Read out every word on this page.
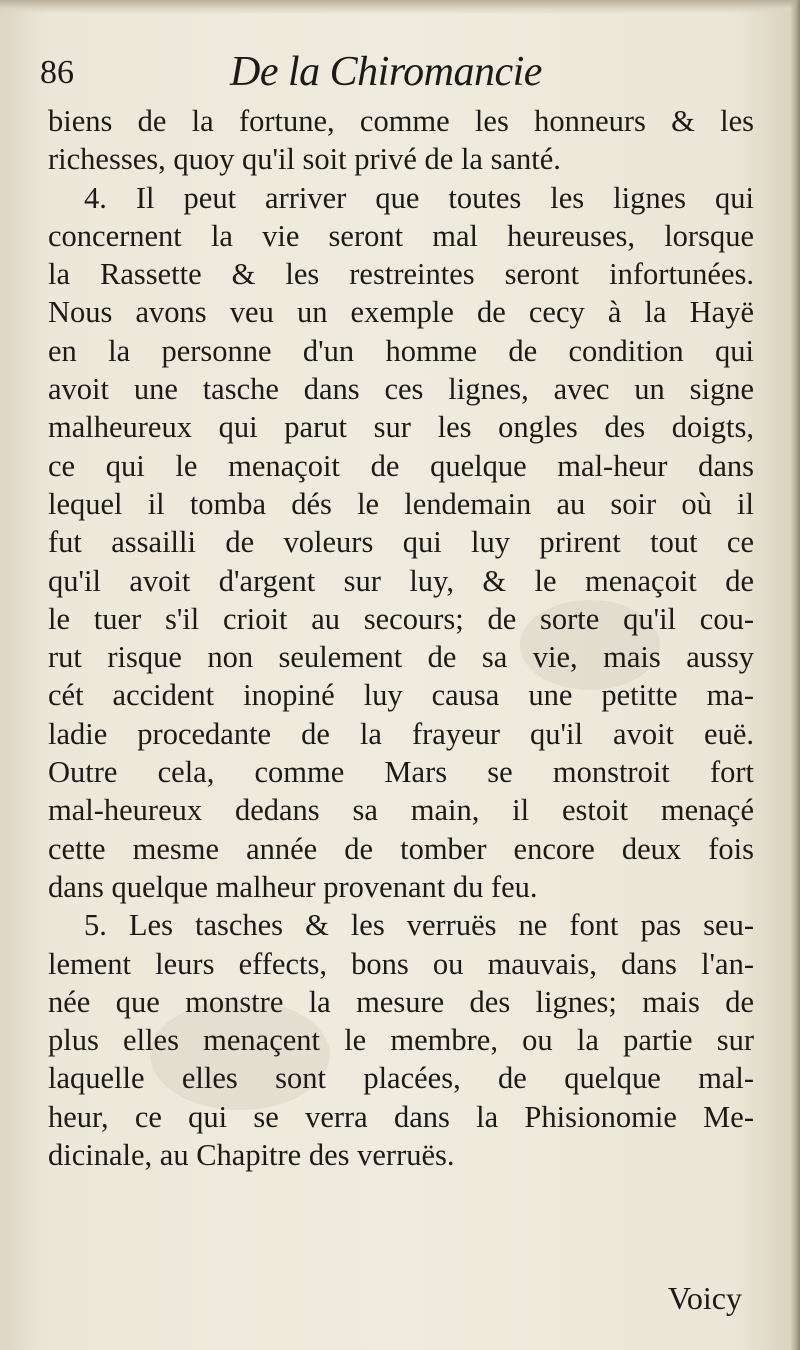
86	De la Chiromancie
biens de la fortune, comme les honneurs & les
richesses, quoy qu'il soit privé de la santé.
4. Il peut arriver que toutes les lignes qui
concernent la vie seront mal heureuses, lorsque
la Rassette & les restreintes seront infortunées.
Nous avons veu un exemple de cecy à la Hayë
en la personne d'un homme de condition qui
avoit une tasche dans ces lignes, avec un signe
malheureux qui parut sur les ongles des doigts,
ce qui le menaçoit de quelque mal-heur dans
lequel il tomba dés le lendemain au soir où il
fut assailli de voleurs qui luy prirent tout ce
qu'il avoit d'argent sur luy, & le menaçoit de
le tuer s'il crioit au secours; de sorte qu'il cou-
rut risque non seulement de sa vie, mais aussy
cét accident inopiné luy causa une petitte ma-
ladie procedante de la frayeur qu'il avoit euë.
Outre cela, comme Mars se monstroit fort
mal-heureux dedans sa main, il estoit menaçé
cette mesme année de tomber encore deux fois
dans quelque malheur provenant du feu.
5. Les tasches & les verruës ne font pas seu-
lement leurs effects, bons ou mauvais, dans l'an-
née que monstre la mesure des lignes; mais de
plus elles menaçent le membre, ou la partie sur
laquelle elles sont placées, de quelque mal-
heur, ce qui se verra dans la Phisionomie Me-
dicinale, au Chapitre des verruës.
Voicy
